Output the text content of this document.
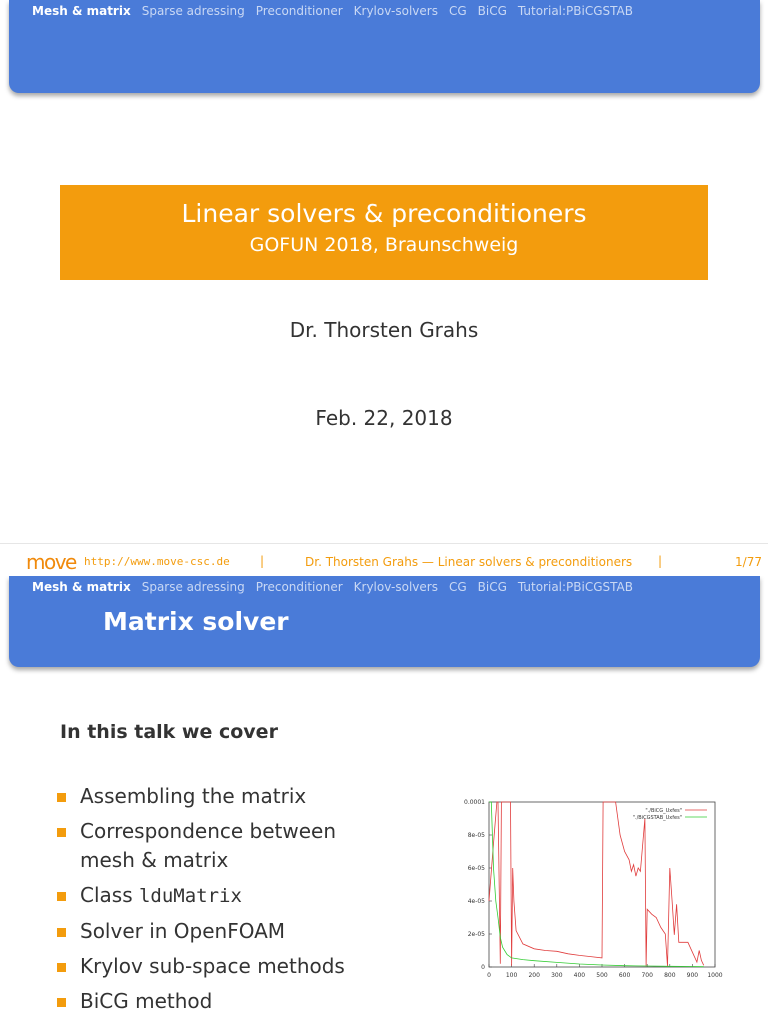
Mesh & matrix Sparse adressing Preconditioner Krylov-solvers CG BiCG Tutorial:PBiCGSTAB
Linear solvers & preconditioners
GOFUN 2018, Braunschweig
Dr. Thorsten Grahs
Feb. 22, 2018
move http://www.move-csc.de	|	Dr. Thorsten Grahs — Linear solvers & preconditioners |	1/77
Mesh & matrix Sparse adressing Preconditioner Krylov-solvers CG BiCG Tutorial:PBiCGSTAB
Matrix solver
In this talk we cover
Assembling the matrix
Correspondence between mesh & matrix
Class lduMatrix
Solver in OpenFOAM
Krylov sub-space methods
BiCG method
0 100 200 300 400 500 600 700 800 900 1000
0
2e-05
4e-05
6e-05
8e-05
0.0001
"./BiCG_Uxfes"
"./BiCGSTAB_Uxfes"
